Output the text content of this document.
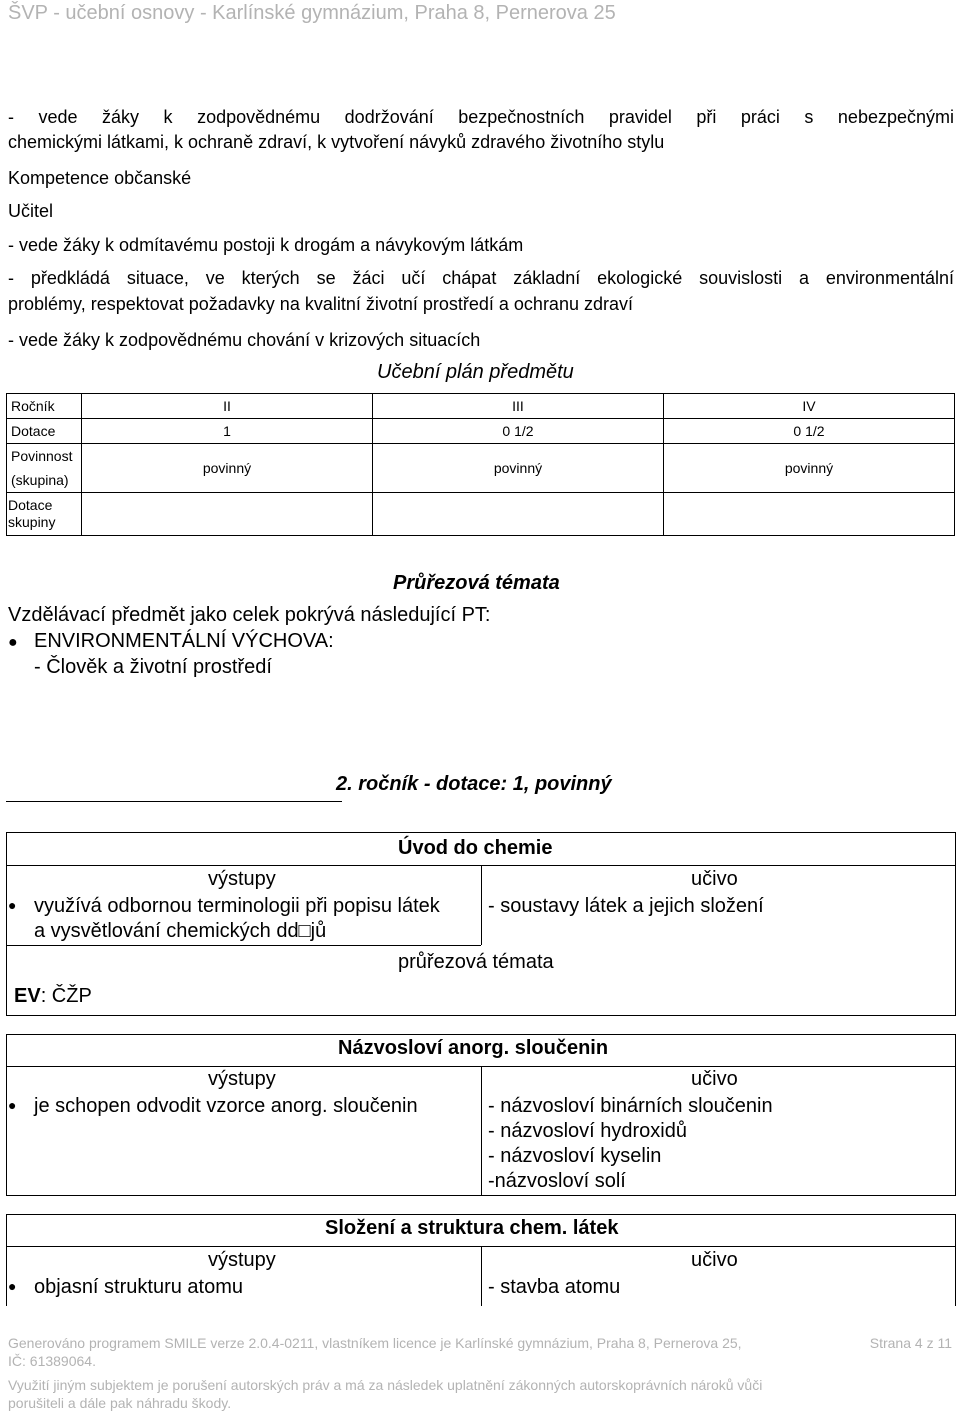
ŠVP - učební osnovy - Karlínské gymnázium, Praha 8, Pernerova 25
- vede žáky k zodpovědnému dodržování bezpečnostních pravidel při práci s nebezpečnými
chemickými látkami, k ochraně zdraví, k vytvoření návyků zdravého životního stylu
Kompetence občanské
Učitel
- vede žáky k odmítavému postoji k drogám a návykovým látkám
- předkládá situace, ve kterých se žáci učí chápat základní ekologické souvislosti a environmentální
problémy, respektovat požadavky na kvalitní životní prostředí a ochranu zdraví
- vede žáky k zodpovědnému chování v krizových situacích
Učební plán předmětu
Ročník	II	III	IV
Dotace	1	0 1/2	0 1/2
Povinnost
(skupina)	povinný	povinný	povinný
Dotace
skupiny			
Průřezová témata
Vzdělávací předmět jako celek pokrývá následující PT:
● ENVIRONMENTÁLNÍ VÝCHOVA:
- Člověk a životní prostředí
2. ročník - dotace: 1, povinný
Úvod do chemie
výstupy	učivo
● využívá odbornou terminologii při popisu látek
a vysvětlování chemických dd□jů
- soustavy látek a jejich složení
průřezová témata
EV: ČŽP
Názvosloví anorg. sloučenin
výstupy	učivo
● je schopen odvodit vzorce anorg. sloučenin	- názvosloví binárních sloučenin
- názvosloví hydroxidů
- názvosloví kyselin
-názvosloví solí
Složení a struktura chem. látek
výstupy	učivo
● objasní strukturu atomu	- stavba atomu
Generováno programem SMILE verze 2.0.4-0211, vlastníkem licence je Karlínské gymnázium, Praha 8, Pernerova 25,
IČ: 61389064.
Strana 4 z 11
Využití jiným subjektem je porušení autorských práv a má za následek uplatnění zákonných autorskoprávních nároků vůči
porušiteli a dále pak náhradu škody.
